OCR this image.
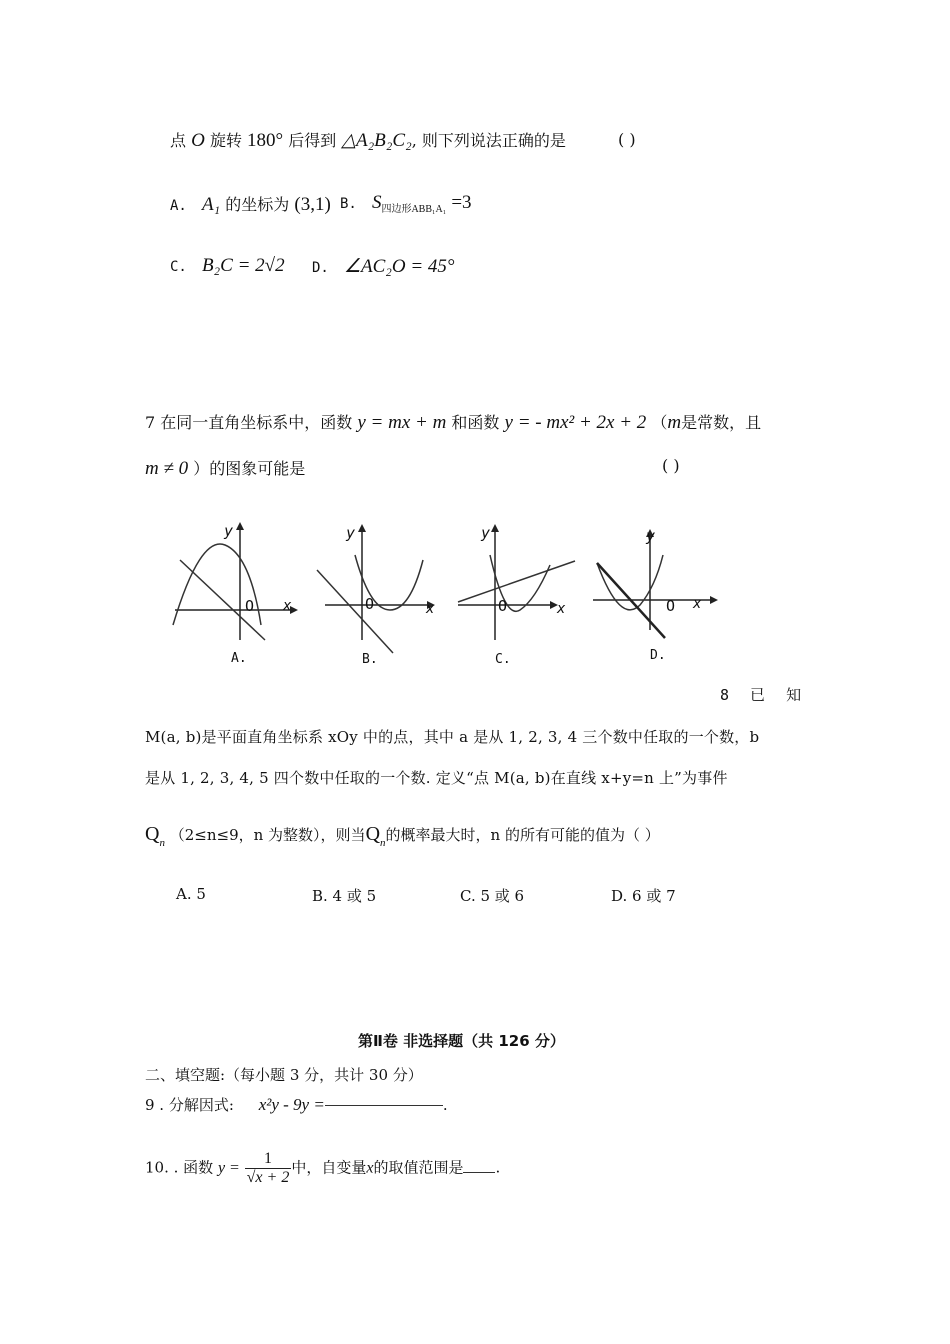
点 O 旋转 180° 后得到 △A₂B₂C₂, 则下列说法正确的是	( )
A. A₁ 的坐标为 (3,1) B. $S_{四边形ABB_1A_1} =3$
C. B₂C = 2√2 D. ∠AC₂O = 45°
7 在同一直角坐标系中，函数 y = mx + m 和函数 y = - mx² + 2x + 2 （m是常数，且
m ≠ 0 ）的图象可能是	( )
y
x
O
A.
y
x
O
B.
y
x
O
C.
y
x
O
D.
8 已 知
M(a, b)是平面直角坐标系 xOy 中的点，其中 a 是从 1, 2, 3, 4 三个数中任取的一个数，b
是从 1, 2, 3, 4, 5 四个数中任取的一个数. 定义“点 M(a, b)在直线 x+y=n 上”为事件
$Q_n$ （2≤n≤9，n 为整数），则当$Q_n$的概率最大时，n 的所有可能的值为（ ）
A. 5	B. 4 或 5	C. 5 或 6	D. 6 或 7
第Ⅱ卷 非选择题（共 126 分）
二、填空题:（每小题 3 分，共计 30 分）
9 . 分解因式: x²y - 9y =	.
10. . 函数 $y = \frac{1}{√x + 2}$ 中，自变量x的取值范围是 .
